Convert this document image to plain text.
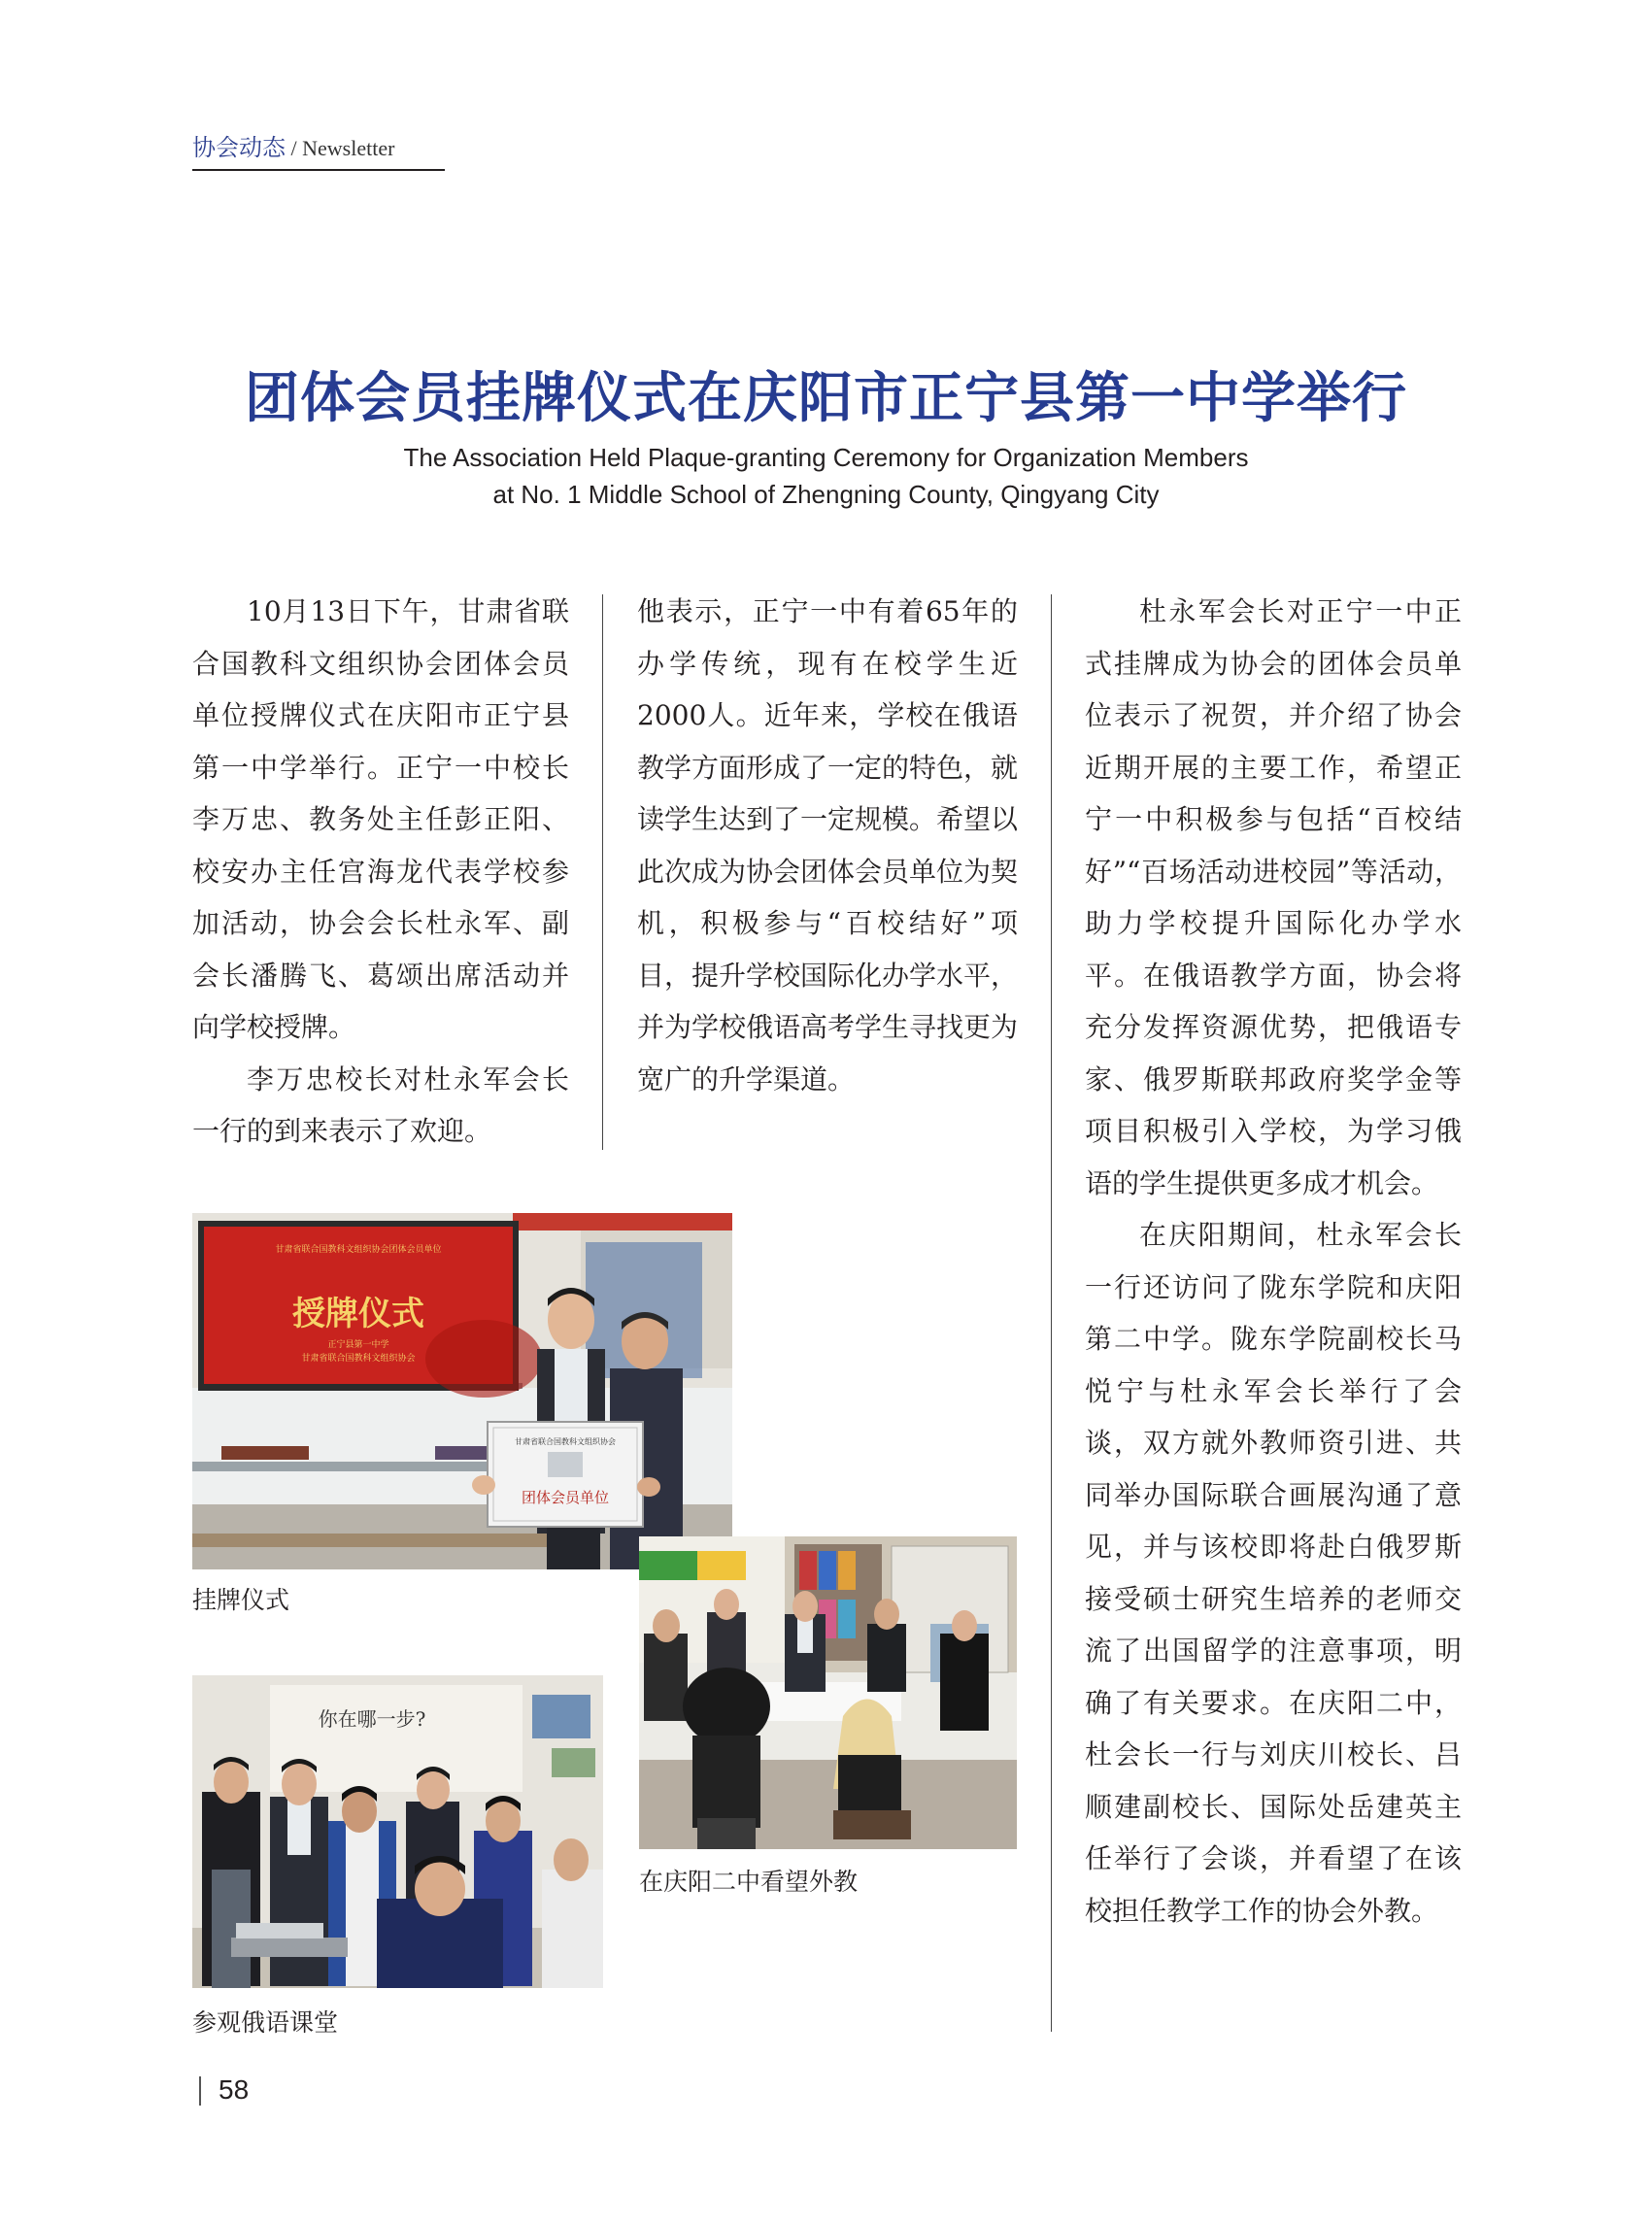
协会动态 / Newsletter
团体会员挂牌仪式在庆阳市正宁县第一中学举行
The Association Held Plaque-granting Ceremony for Organization Members
at No. 1 Middle School of Zhengning County, Qingyang City

10月13日下午，甘肃省联合国教科文组织协会团体会员单位授牌仪式在庆阳市正宁县第一中学举行。正宁一中校长李万忠、教务处主任彭正阳、校安办主任宫海龙代表学校参加活动，协会会长杜永军、副会长潘腾飞、葛颂出席活动并向学校授牌。

李万忠校长对杜永军会长一行的到来表示了欢迎。

他表示，正宁一中有着65年的办学传统，现有在校学生近2000人。近年来，学校在俄语教学方面形成了一定的特色，就读学生达到了一定规模。希望以此次成为协会团体会员单位为契机，积极参与“百校结好”项目，提升学校国际化办学水平，并为学校俄语高考学生寻找更为宽广的升学渠道。

杜永军会长对正宁一中正式挂牌成为协会的团体会员单位表示了祝贺，并介绍了协会近期开展的主要工作，希望正宁一中积极参与包括“百校结好”“百场活动进校园”等活动，助力学校提升国际化办学水平。在俄语教学方面，协会将充分发挥资源优势，把俄语专家、俄罗斯联邦政府奖学金等项目积极引入学校，为学习俄语的学生提供更多成才机会。

在庆阳期间，杜永军会长一行还访问了陇东学院和庆阳第二中学。陇东学院副校长马悦宁与杜永军会长举行了会谈，双方就外教师资引进、共同举办国际联合画展沟通了意见，并与该校即将赴白俄罗斯接受硕士研究生培养的老师交流了出国留学的注意事项，明确了有关要求。在庆阳二中，杜会长一行与刘庆川校长、吕顺建副校长、国际处岳建英主任举行了会谈，并看望了在该校担任教学工作的协会外教。

甘肃省联合国教科文组织协会团体会员单位
授牌仪式
正宁县第一中学
甘肃省联合国教科文组织协会
甘肃省联合国教科文组织协会
团体会员单位
挂牌仪式
在庆阳二中看望外教
你在哪一步?
参观俄语课堂
58
